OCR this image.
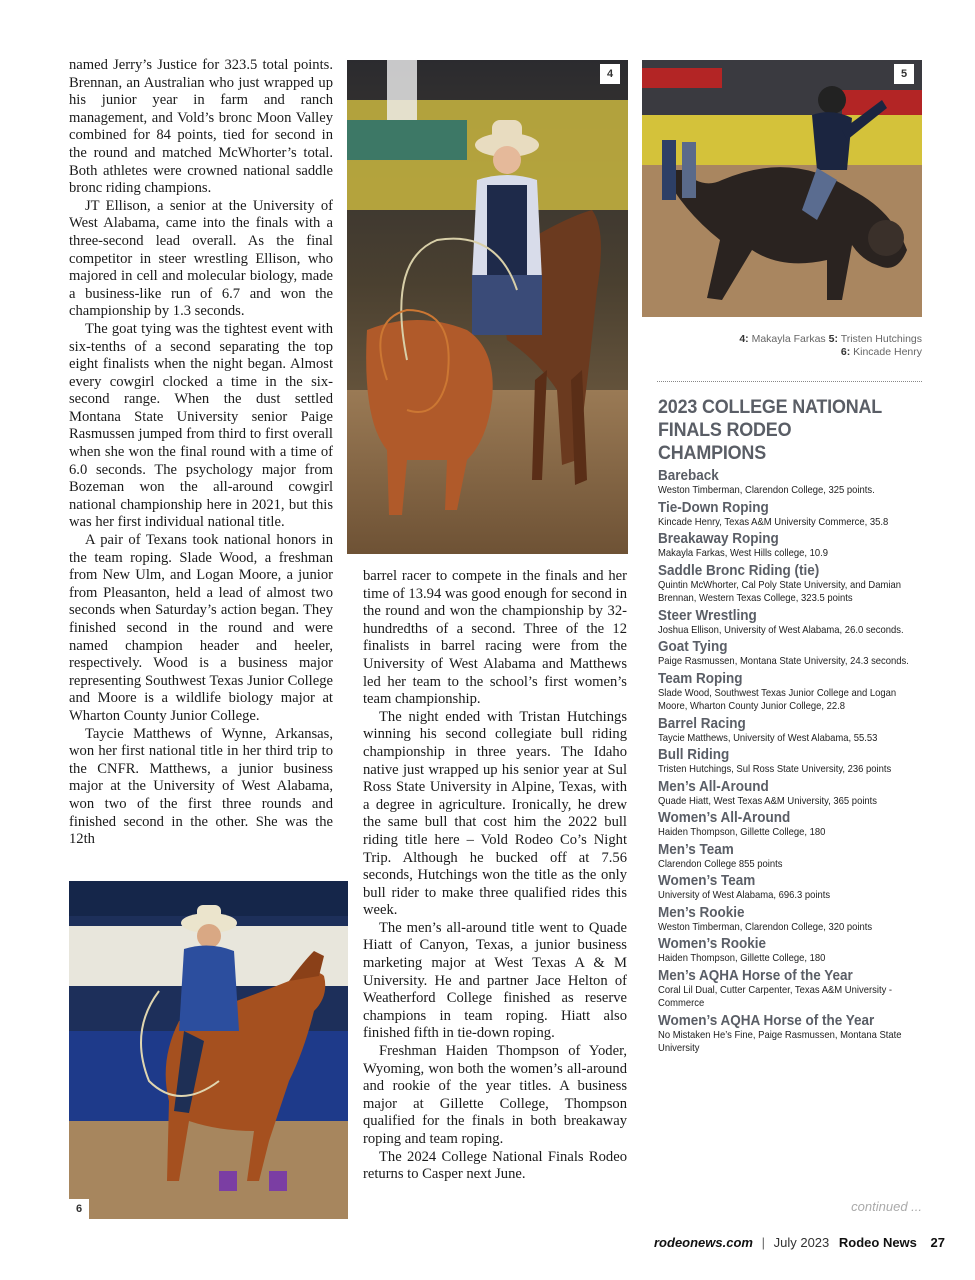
named Jerry’s Justice for 323.5 total points. Brennan, an Australian who just wrapped up his junior year in farm and ranch management, and Vold’s bronc Moon Valley combined for 84 points, tied for second in the round and matched McWhorter’s total. Both athletes were crowned national saddle bronc riding champions.

JT Ellison, a senior at the University of West Alabama, came into the finals with a three-second lead overall. As the final competitor in steer wrestling Ellison, who majored in cell and molecular biology, made a business-like run of 6.7 and won the championship by 1.3 seconds.

The goat tying was the tightest event with six-tenths of a second separating the top eight finalists when the night began. Almost every cowgirl clocked a time in the six-second range. When the dust settled Montana State University senior Paige Rasmussen jumped from third to first overall when she won the final round with a time of 6.0 seconds. The psychology major from Bozeman won the all-around cowgirl national championship here in 2021, but this was her first individual national title.

A pair of Texans took national honors in the team roping. Slade Wood, a freshman from New Ulm, and Logan Moore, a junior from Pleasanton, held a lead of almost two seconds when Saturday’s action began. They finished second in the round and were named champion header and heeler, respectively. Wood is a business major representing Southwest Texas Junior College and Moore is a wildlife biology major at Wharton County Junior College.

Taycie Matthews of Wynne, Arkansas, won her first national title in her third trip to the CNFR. Matthews, a junior business major at the University of West Alabama, won two of the first three rounds and finished second in the other. She was the 12th

4	5
4: Makayla Farkas 5: Tristen Hutchings
6: Kincade Henry
2023 COLLEGE NATIONAL
FINALS RODEO CHAMPIONS
Bareback
Weston Timberman, Clarendon College, 325 points.
Tie-Down Roping
Kincade Henry, Texas A&M University Commerce, 35.8
Breakaway Roping
Makayla Farkas, West Hills college, 10.9
Saddle Bronc Riding (tie)
Quintin McWhorter, Cal Poly State University, and Damian Brennan, Western Texas College, 323.5 points
Steer Wrestling
Joshua Ellison, University of West Alabama, 26.0 seconds.
Goat Tying
Paige Rasmussen, Montana State University, 24.3 seconds.
Team Roping
Slade Wood, Southwest Texas Junior College and Logan Moore, Wharton County Junior College, 22.8
Barrel Racing
Taycie Matthews, University of West Alabama, 55.53
Bull Riding
Tristen Hutchings, Sul Ross State University, 236 points
Men’s All-Around
Quade Hiatt, West Texas A&M University, 365 points
Women’s All-Around
Haiden Thompson, Gillette College, 180
Men’s Team
Clarendon College 855 points
Women’s Team
University of West Alabama, 696.3 points
Men’s Rookie
Weston Timberman, Clarendon College, 320 points
Women’s Rookie
Haiden Thompson, Gillette College, 180
Men’s AQHA Horse of the Year
Coral Lil Dual, Cutter Carpenter, Texas A&M University - Commerce
Women’s AQHA Horse of the Year
No Mistaken He’s Fine, Paige Rasmussen, Montana State University
continued ...

barrel racer to compete in the finals and her time of 13.94 was good enough for second in the round and won the championship by 32-hundredths of a second. Three of the 12 finalists in barrel racing were from the University of West Alabama and Matthews led her team to the school’s first women’s team championship.

The night ended with Tristan Hutchings winning his second collegiate bull riding championship in three years. The Idaho native just wrapped up his senior year at Sul Ross State University in Alpine, Texas, with a degree in agriculture. Ironically, he drew the same bull that cost him the 2022 bull riding title here – Vold Rodeo Co’s Night Trip. Although he bucked off at 7.56 seconds, Hutchings won the title as the only bull rider to make three qualified rides this week.

The men’s all-around title went to Quade Hiatt of Canyon, Texas, a junior business marketing major at West Texas A & M University. He and partner Jace Helton of Weatherford College finished as reserve champions in team roping. Hiatt also finished fifth in tie-down roping.

Freshman Haiden Thompson of Yoder, Wyoming, won both the women’s all-around and rookie of the year titles. A business major at Gillette College, Thompson qualified for the finals in both breakaway roping and team roping.

The 2024 College National Finals Rodeo returns to Casper next June.

6
rodeonews.com | July 2023 Rodeo News 27
